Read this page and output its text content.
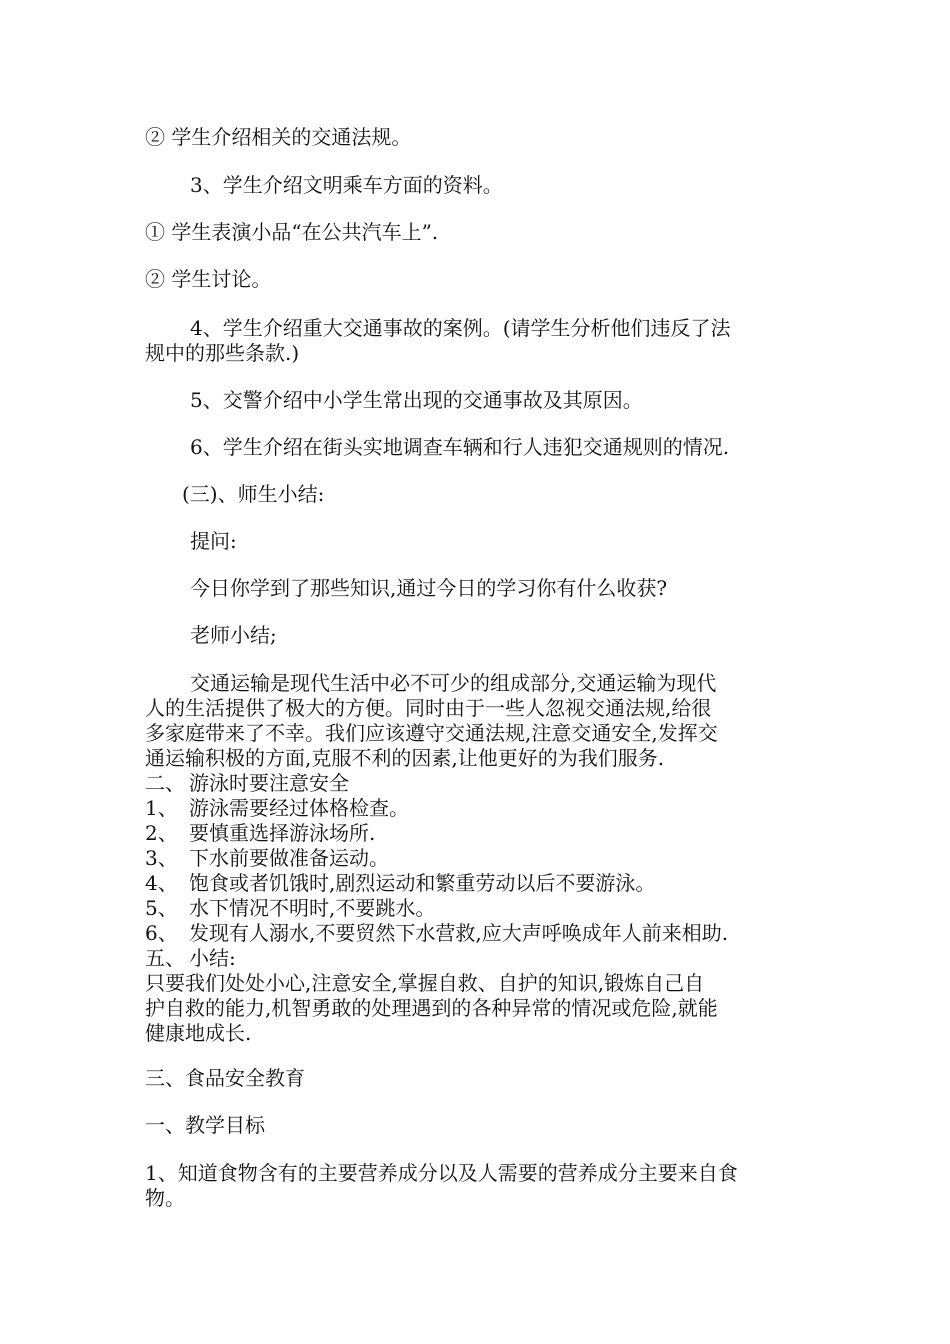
② 学生介绍相关的交通法规。
3、学生介绍文明乘车方面的资料。
① 学生表演小品“在公共汽车上”.
② 学生讨论。
4、学生介绍重大交通事故的案例。(请学生分析他们违反了法
规中的那些条款.)
5、交警介绍中小学生常出现的交通事故及其原因。
6、学生介绍在街头实地调查车辆和行人违犯交通规则的情况.
(三)、师生小结:
提问:
今日你学到了那些知识,通过今日的学习你有什么收获?
老师小结;
交通运输是现代生活中必不可少的组成部分,交通运输为现代
人的生活提供了极大的方便。同时由于一些人忽视交通法规,给很
多家庭带来了不幸。我们应该遵守交通法规,注意交通安全,发挥交
通运输积极的方面,克服不利的因素,让他更好的为我们服务.
二、 游泳时要注意安全
1、 游泳需要经过体格检查。
2、 要慎重选择游泳场所.
3、 下水前要做准备运动。
4、 饱食或者饥饿时,剧烈运动和繁重劳动以后不要游泳。
5、 水下情况不明时,不要跳水。
6、 发现有人溺水,不要贸然下水营救,应大声呼唤成年人前来相助.
五、 小结:
只要我们处处小心,注意安全,掌握自救、自护的知识,锻炼自己自
护自救的能力,机智勇敢的处理遇到的各种异常的情况或危险,就能
健康地成长.
三、食品安全教育
一、教学目标
1、知道食物含有的主要营养成分以及人需要的营养成分主要来自食
物。
